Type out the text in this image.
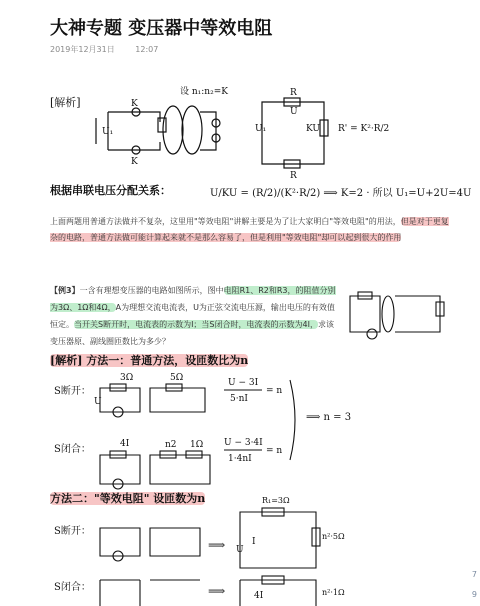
大神专题 变压器中等效电阻
2019年12月31日	12:07
U₁
K
K
R
U
R
KU
U₁
3Ω	5Ω
U
n2 1Ω
4I
U
I
4I
[解析]
设 n₁:n₂=K
R' = K²·R/2
根据串联电压分配关系：	U/KU = (R/2)/(K²·R/2) ⟹ K=2 · 所以 U₁=U+2U=4U
上面两题用普通方法做并不复杂，这里用"等效电阻"讲解主要是为了让大家明白"等效电阻"的用法，但是对于更复杂的电路，普通方法做可能计算起来就不是那么容易了，但是利用"等效电阻"却可以起到很大的作用
【例3】一含有理想变压器的电路如图所示，图中电阻R1、R2和R3，的阻值分别为3Ω、1Ω和4Ω，A为理想交流电流表，U为正弦交流电压源，输出电压的有效值恒定。当开关S断开时，电流表的示数为I；当S闭合时，电流表的示数为4I，求该变压器原、副线圈匝数比为多少？
[解析] 方法一：普通方法，设匝数比为n
S断开：
S闭合：
U − 3I
5·nI
= n
U − 3·4I
1·4nI
= n
⟹ n = 3
方法二："等效电阻" 设匝数为n
S断开：
S闭合：
R₁=3Ω
n²·5Ω
n²·1Ω
⟹
⟹
7
9
